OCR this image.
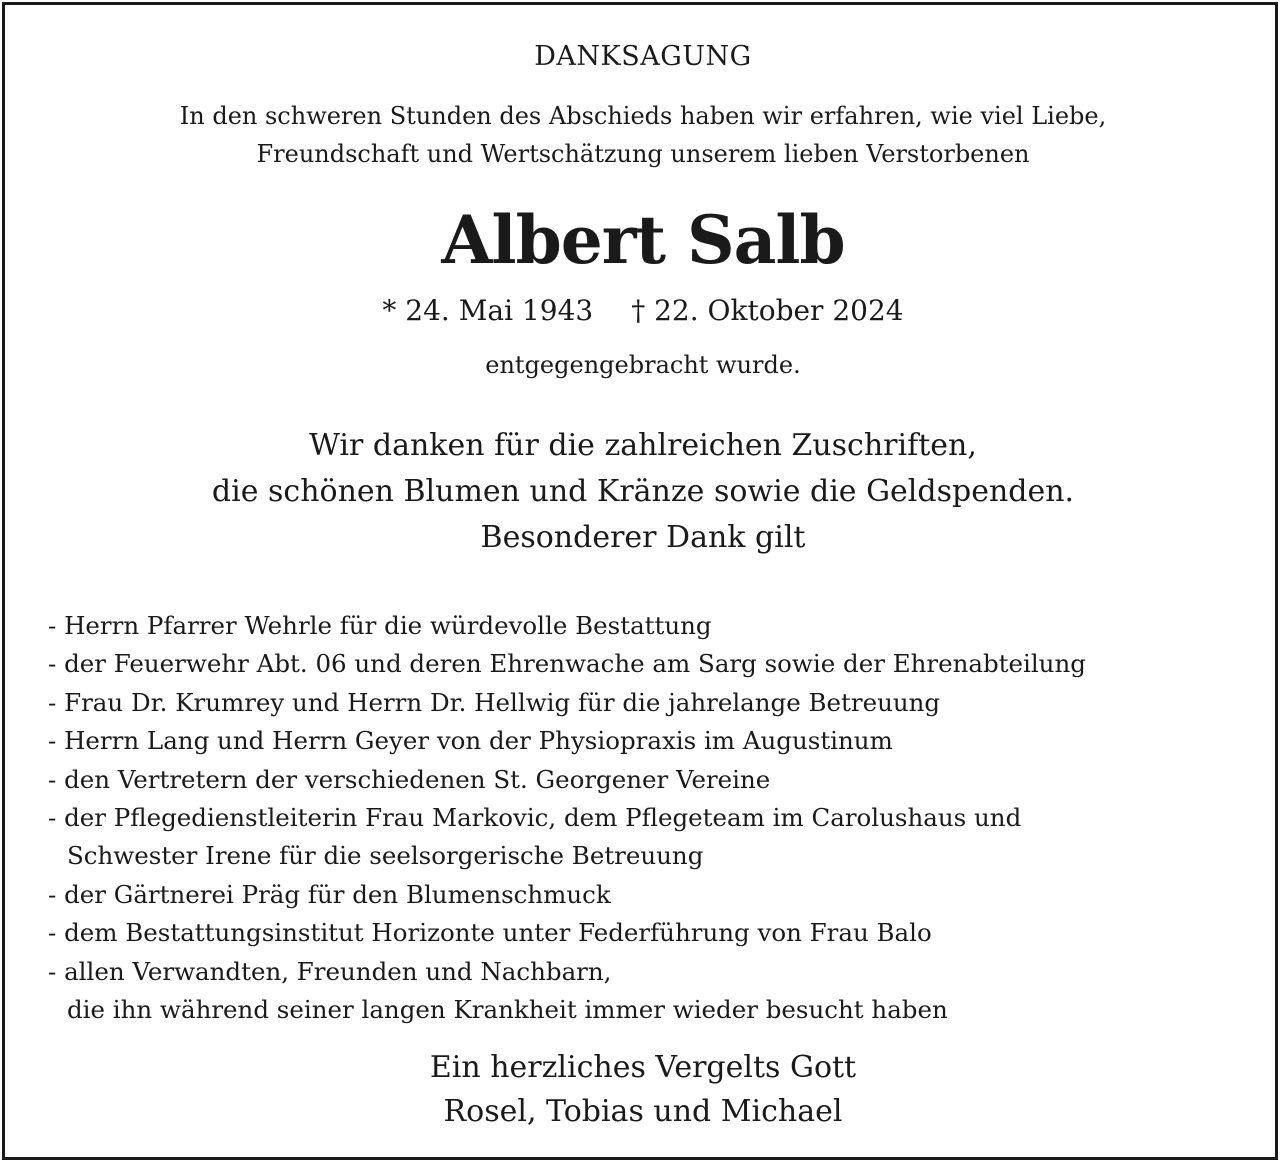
DANKSAGUNG
In den schweren Stunden des Abschieds haben wir erfahren, wie viel Liebe,
Freundschaft und Wertschätzung unserem lieben Verstorbenen
Albert Salb
* 24. Mai 1943 † 22. Oktober 2024
entgegengebracht wurde.
Wir danken für die zahlreichen Zuschriften,
die schönen Blumen und Kränze sowie die Geldspenden.
Besonderer Dank gilt
- Herrn Pfarrer Wehrle für die würdevolle Bestattung
- der Feuerwehr Abt. 06 und deren Ehrenwache am Sarg sowie der Ehrenabteilung
- Frau Dr. Krumrey und Herrn Dr. Hellwig für die jahrelange Betreuung
- Herrn Lang und Herrn Geyer von der Physiopraxis im Augustinum
- den Vertretern der verschiedenen St. Georgener Vereine
- der Pflegedienstleiterin Frau Markovic, dem Pflegeteam im Carolushaus und
Schwester Irene für die seelsorgerische Betreuung
- der Gärtnerei Präg für den Blumenschmuck
- dem Bestattungsinstitut Horizonte unter Federführung von Frau Balo
- allen Verwandten, Freunden und Nachbarn,
die ihn während seiner langen Krankheit immer wieder besucht haben
Ein herzliches Vergelts Gott
Rosel, Tobias und Michael
